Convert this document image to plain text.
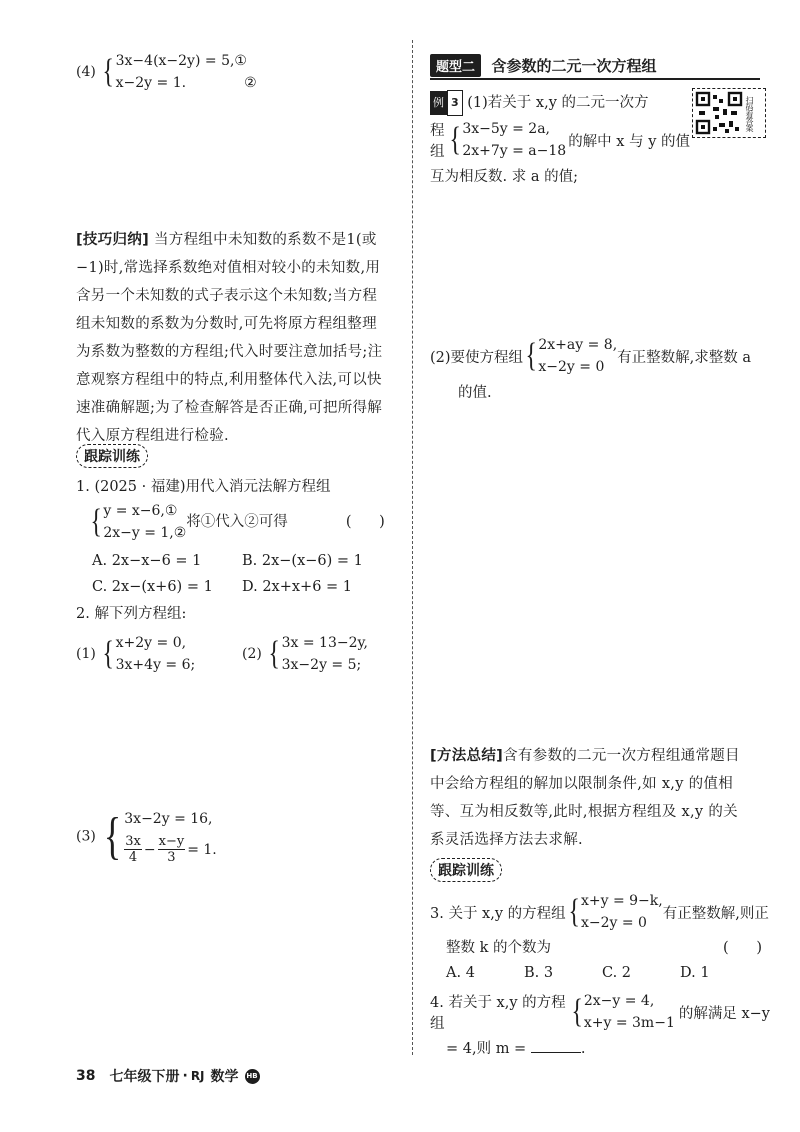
(4) { 3x−4(x−2y) = 5,①
x−2y = 1.	②
[技巧归纳] 当方程组中未知数的系数不是1(或
−1)时,常选择系数绝对值相对较小的未知数,用
含另一个未知数的式子表示这个未知数;当方程
组未知数的系数为分数时,可先将原方程组整理
为系数为整数的方程组;代入时要注意加括号;注
意观察方程组中的特点,利用整体代入法,可以快
速准确解题;为了检查解答是否正确,可把所得解
代入原方程组进行检验.
跟踪训练
1. (2025 · 福建)用代入消元法解方程组
{ y = x−6,①
2x−y = 1,②
将①代入②可得	(      )
A. 2x−x−6 = 1	B. 2x−(x−6) = 1
C. 2x−(x+6) = 1	D. 2x+x+6 = 1
2. 解下列方程组:
(1) { x+2y = 0,
3x+4y = 6;
(2) { 3x = 13−2y,
3x−2y = 5;
(3) { 3x−2y = 16,
$\frac{3x}{4} - \frac{x-y}{3} = 1$.
题型二 含参数的二元一次方程组
扫码看答案
例 3 (1)若关于 x,y 的二元一次方
程组 { 3x−5y = 2a,
2x+7y = a−18
的解中 x 与 y 的值
互为相反数. 求 a 的值;
(2)要使方程组 { 2x+ay = 8,
x−2y = 0
有正整数解,求整数 a
的值.
[方法总结]含有参数的二元一次方程组通常题目
中会给方程组的解加以限制条件,如 x,y 的值相
等、互为相反数等,此时,根据方程组及 x,y 的关
系灵活选择方法去求解.
跟踪训练
3. 关于 x,y 的方程组 { x+y = 9−k,
x−2y = 0
有正整数解,则正
整数 k 的个数为	(      )
A. 4	B. 3	C. 2	D. 1
4. 若关于 x,y 的方程组	{ 2x−y = 4,
x+y = 3m−1
的解满足 x−y
= 4,则 m =	.
38 七年级下册 · RJ 数学 HB
